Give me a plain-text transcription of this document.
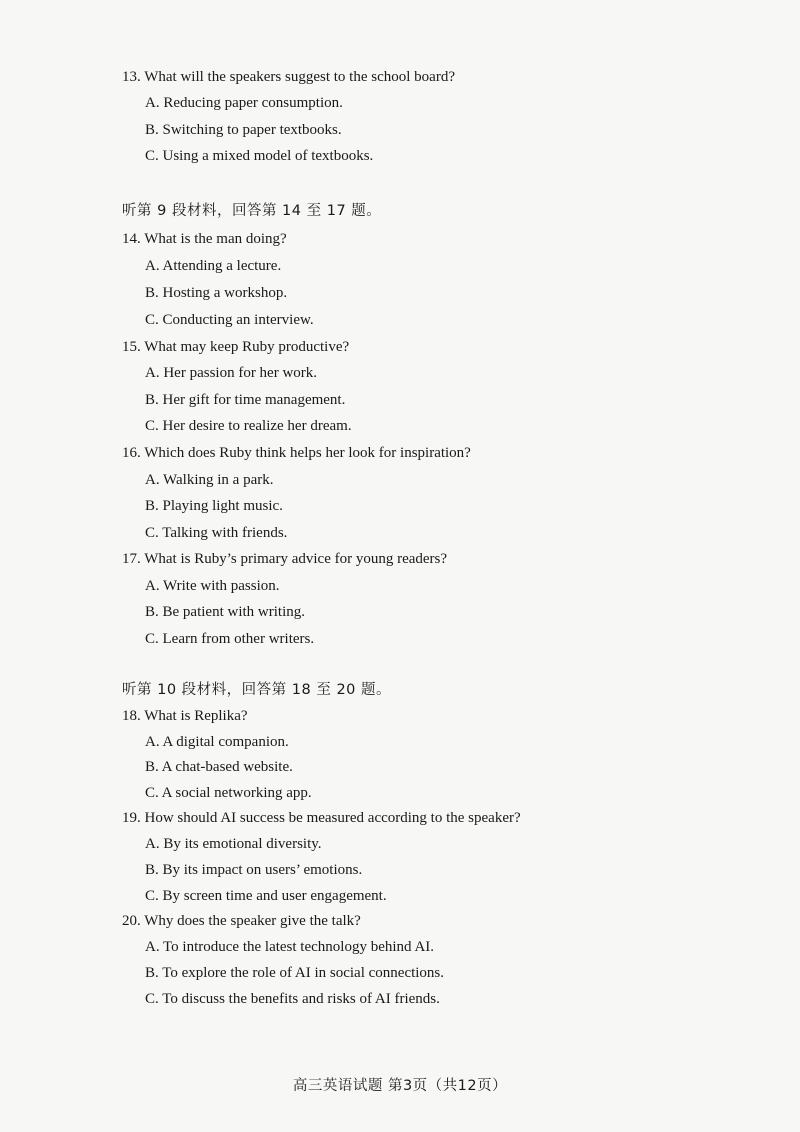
13. What will the speakers suggest to the school board?
A. Reducing paper consumption.
B. Switching to paper textbooks.
C. Using a mixed model of textbooks.
听第 9 段材料，回答第 14 至 17 题。
14. What is the man doing?
A. Attending a lecture.
B. Hosting a workshop.
C. Conducting an interview.
15. What may keep Ruby productive?
A. Her passion for her work.
B. Her gift for time management.
C. Her desire to realize her dream.
16. Which does Ruby think helps her look for inspiration?
A. Walking in a park.
B. Playing light music.
C. Talking with friends.
17. What is Ruby’s primary advice for young readers?
A. Write with passion.
B. Be patient with writing.
C. Learn from other writers.
听第 10 段材料，回答第 18 至 20 题。
18. What is Replika?
A. A digital companion.
B. A chat-based website.
C. A social networking app.
19. How should AI success be measured according to the speaker?
A. By its emotional diversity.
B. By its impact on users’ emotions.
C. By screen time and user engagement.
20. Why does the speaker give the talk?
A. To introduce the latest technology behind AI.
B. To explore the role of AI in social connections.
C. To discuss the benefits and risks of AI friends.
高三英语试题 第3页（共12页）
